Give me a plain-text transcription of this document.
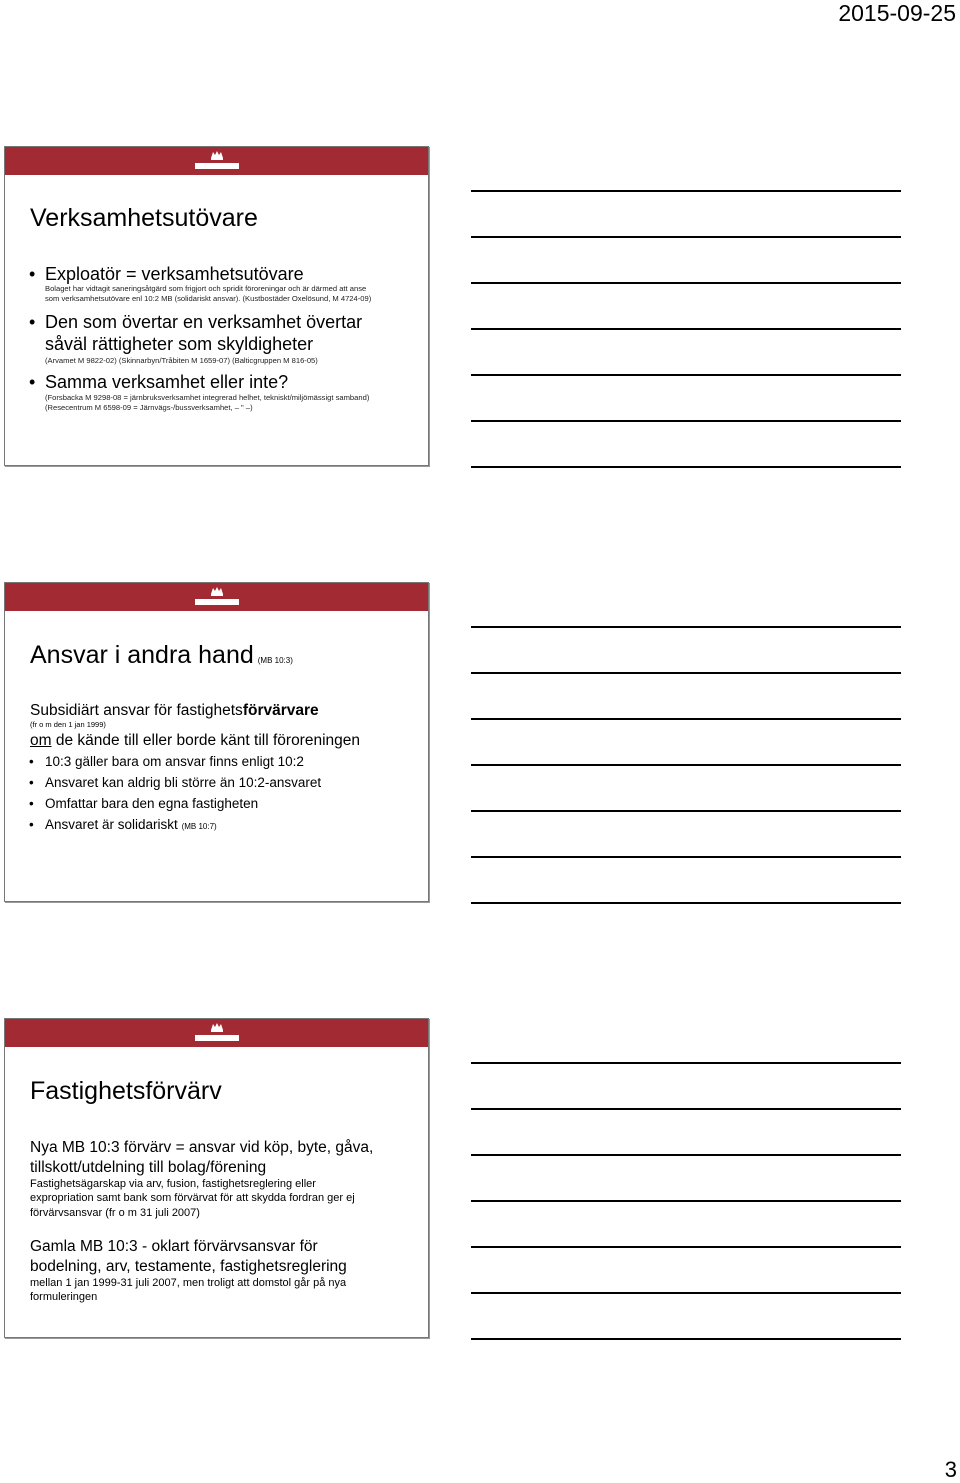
2015-09-25
Verksamhetsutövare
• Exploatör = verksamhetsutövare
Bolaget har vidtagit saneringsåtgärd som frigjort och spridit föroreningar och är därmed att anse
som verksamhetsutövare enl 10:2 MB (solidariskt ansvar). (Kustbostäder Oxelösund, M 4724-09)
• Den som övertar en verksamhet övertar
såväl rättigheter som skyldigheter
(Arvamet M 9822-02) (Skinnarbyn/Tråbiten M 1659-07) (Balticgruppen M 816-05)
• Samma verksamhet eller inte?
(Forsbacka M 9298-08 = järnbruksverksamhet integrerad helhet, tekniskt/miljömässigt samband)
(Resecentrum M 6598-09 = Järnvägs-/bussverksamhet, – " –)
Ansvar i andra hand (MB 10:3)
Subsidiärt ansvar för fastighetsförvärvare
(fr o m den 1 jan 1999)
om de kände till eller borde känt till föroreningen
• 10:3 gäller bara om ansvar finns enligt 10:2
• Ansvaret kan aldrig bli större än 10:2-ansvaret
• Omfattar bara den egna fastigheten
• Ansvaret är solidariskt (MB 10:7)
Fastighetsförvärv
Nya MB 10:3 förvärv = ansvar vid köp, byte, gåva,
tillskott/utdelning till bolag/förening
Fastighetsägarskap via arv, fusion, fastighetsreglering eller
expropriation samt bank som förvärvat för att skydda fordran ger ej
förvärvsansvar (fr o m 31 juli 2007)
Gamla MB 10:3 - oklart förvärvsansvar för
bodelning, arv, testamente, fastighetsreglering
mellan 1 jan 1999-31 juli 2007, men troligt att domstol går på nya
formuleringen
3
